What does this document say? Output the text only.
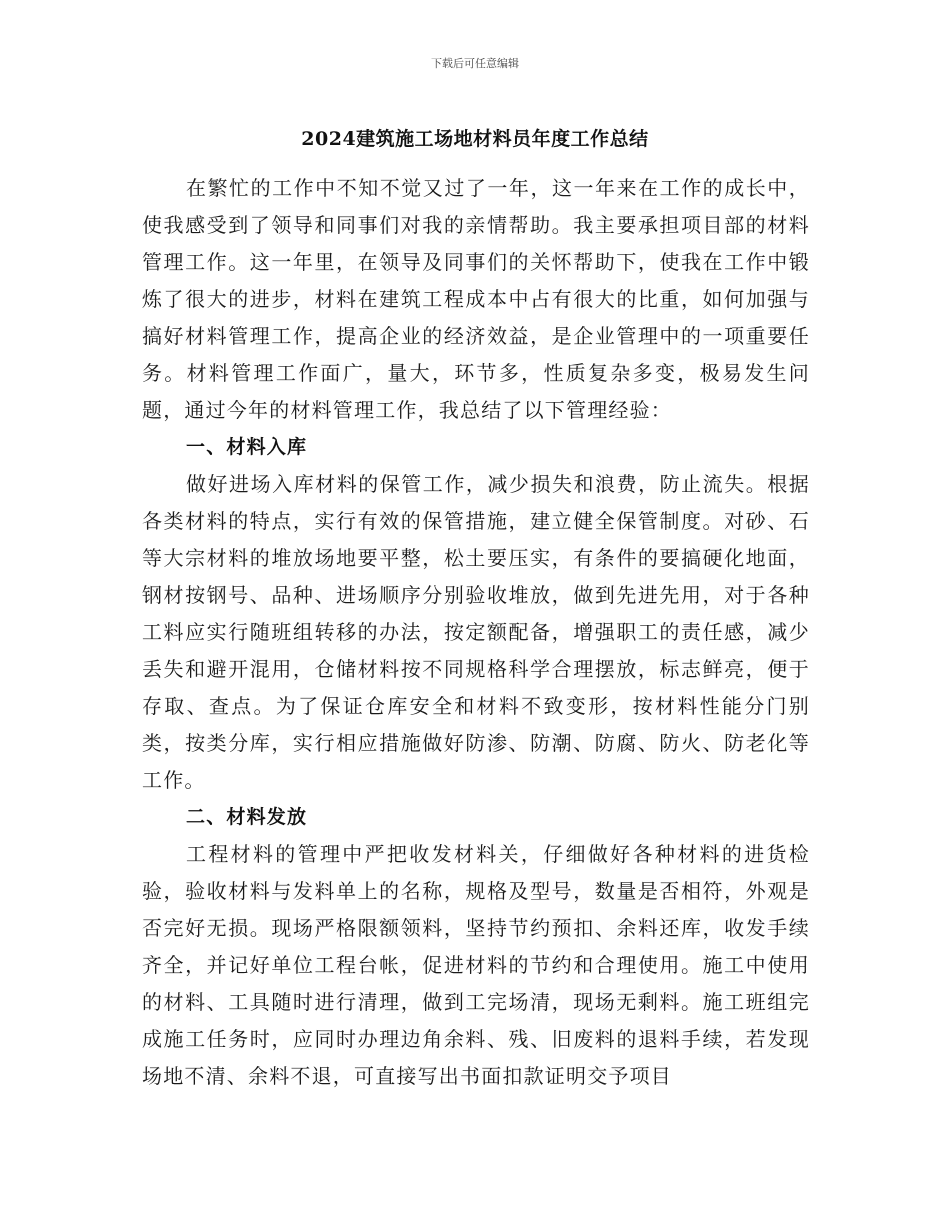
下载后可任意编辑
2024建筑施工场地材料员年度工作总结

在繁忙的工作中不知不觉又过了一年，这一年来在工作的成长中，使我感受到了领导和同事们对我的亲情帮助。我主要承担项目部的材料管理工作。这一年里，在领导及同事们的关怀帮助下，使我在工作中锻炼了很大的进步，材料在建筑工程成本中占有很大的比重，如何加强与搞好材料管理工作，提高企业的经济效益，是企业管理中的一项重要任务。材料管理工作面广，量大，环节多，性质复杂多变，极易发生问题，通过今年的材料管理工作，我总结了以下管理经验：

一、材料入库

做好进场入库材料的保管工作，减少损失和浪费，防止流失。根据各类材料的特点，实行有效的保管措施，建立健全保管制度。对砂、石等大宗材料的堆放场地要平整，松土要压实，有条件的要搞硬化地面，钢材按钢号、品种、进场顺序分别验收堆放，做到先进先用，对于各种工料应实行随班组转移的办法，按定额配备，增强职工的责任感，减少丢失和避开混用，仓储材料按不同规格科学合理摆放，标志鲜亮，便于存取、查点。为了保证仓库安全和材料不致变形，按材料性能分门别类，按类分库，实行相应措施做好防渗、防潮、防腐、防火、防老化等工作。

二、材料发放

工程材料的管理中严把收发材料关，仔细做好各种材料的进货检验，验收材料与发料单上的名称，规格及型号，数量是否相符，外观是否完好无损。现场严格限额领料，坚持节约预扣、余料还库，收发手续齐全，并记好单位工程台帐，促进材料的节约和合理使用。施工中使用的材料、工具随时进行清理，做到工完场清，现场无剩料。施工班组完成施工任务时，应同时办理边角余料、残、旧废料的退料手续，若发现场地不清、余料不退，可直接写出书面扣款证明交予项目
